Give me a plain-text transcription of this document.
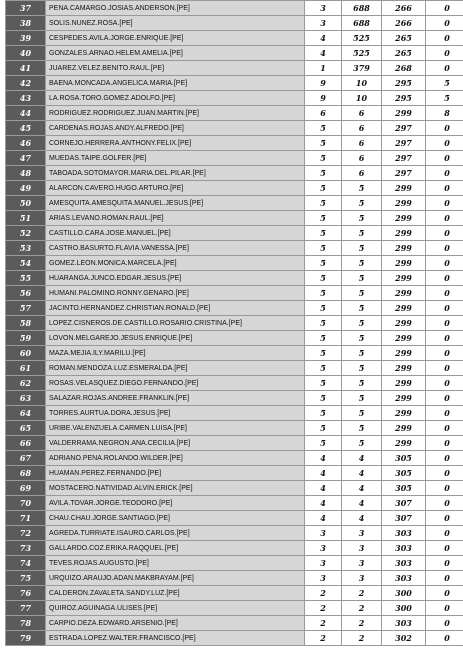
37	PENA.CAMARGO.JOSIAS.ANDERSON.[PE]	3	688	266	0
38	SOLIS.NUNEZ.ROSA.[PE]	3	688	266	0
39	CESPEDES.AVILA.JORGE.ENRIQUE.[PE]	4	525	265	0
40	GONZALES.ARNAO.HELEM.AMELIA.[PE]	4	525	265	0
41	JUAREZ.VELEZ.BENITO.RAUL.[PE]	1	379	268	0
42	BAENA.MONCADA.ANGELICA.MARIA.[PE]	9	10	295	5
43	LA.ROSA.TORO.GOMEZ.ADOLFO.[PE]	9	10	295	5
44	RODRIGUEZ.RODRIGUEZ.JUAN.MARTIN.[PE]	6	6	299	8
45	CARDENAS.ROJAS.ANDY.ALFREDO.[PE]	5	6	297	0
46	CORNEJO.HERRERA.ANTHONY.FELIX.[PE]	5	6	297	0
47	MUEDAS.TAIPE.GOLFER.[PE]	5	6	297	0
48	TABOADA.SOTOMAYOR.MARIA.DEL.PILAR.[PE]	5	6	297	0
49	ALARCON.CAVERO.HUGO.ARTURO.[PE]	5	5	299	0
50	AMESQUITA.AMESQUITA.MANUEL.JESUS.[PE]	5	5	299	0
51	ARIAS.LEVANO.ROMAN.RAUL.[PE]	5	5	299	0
52	CASTILLO.CARA.JOSE.MANUEL.[PE]	5	5	299	0
53	CASTRO.BASURTO.FLAVIA.VANESSA.[PE]	5	5	299	0
54	GOMEZ.LEON.MONICA.MARCELA.[PE]	5	5	299	0
55	HUARANGA.JUNCO.EDGAR.JESUS.[PE]	5	5	299	0
56	HUMANI.PALOMINO.RONNY.GENARO.[PE]	5	5	299	0
57	JACINTO.HERNANDEZ.CHRISTIAN.RONALD.[PE]	5	5	299	0
58	LOPEZ.CISNEROS.DE.CASTILLO.ROSARIO.CRISTINA.[PE]	5	5	299	0
59	LOVON.MELGAREJO.JESUS.ENRIQUE.[PE]	5	5	299	0
60	MAZA.MEJIA.ILY.MARILU.[PE]	5	5	299	0
61	ROMAN.MENDOZA.LUZ.ESMERALDA.[PE]	5	5	299	0
62	ROSAS.VELASQUEZ.DIEGO.FERNANDO.[PE]	5	5	299	0
63	SALAZAR.ROJAS.ANDREE.FRANKLIN.[PE]	5	5	299	0
64	TORRES.AURTUA.DORA.JESUS.[PE]	5	5	299	0
65	URIBE.VALENZUELA.CARMEN.LUISA.[PE]	5	5	299	0
66	VALDERRAMA.NEGRON.ANA.CECILIA.[PE]	5	5	299	0
67	ADRIANO.PENA.ROLANDO.WILDER.[PE]	4	4	305	0
68	HUAMAN.PEREZ.FERNANDO.[PE]	4	4	305	0
69	MOSTACERO.NATIVIDAD.ALVIN.ERICK.[PE]	4	4	305	0
70	AVILA.TOVAR.JORGE.TEODORO.[PE]	4	4	307	0
71	CHAU.CHAU.JORGE.SANTIAGO.[PE]	4	4	307	0
72	AGREDA.TURRIATE.ISAURO.CARLOS.[PE]	3	3	303	0
73	GALLARDO.COZ.ERIKA.RAQQUEL.[PE]	3	3	303	0
74	TEVES.ROJAS.AUGUSTO.[PE]	3	3	303	0
75	URQUIZO.ARAUJO.ADAN.MAKBRAYAM.[PE]	3	3	303	0
76	CALDERON.ZAVALETA.SANDY.LUZ.[PE]	2	2	300	0
77	QUIROZ.AGUINAGA.ULISES.[PE]	2	2	300	0
78	CARPIO.DEZA.EDWARD.ARSENIO.[PE]	2	2	303	0
79	ESTRADA.LOPEZ.WALTER.FRANCISCO.[PE]	2	2	302	0
